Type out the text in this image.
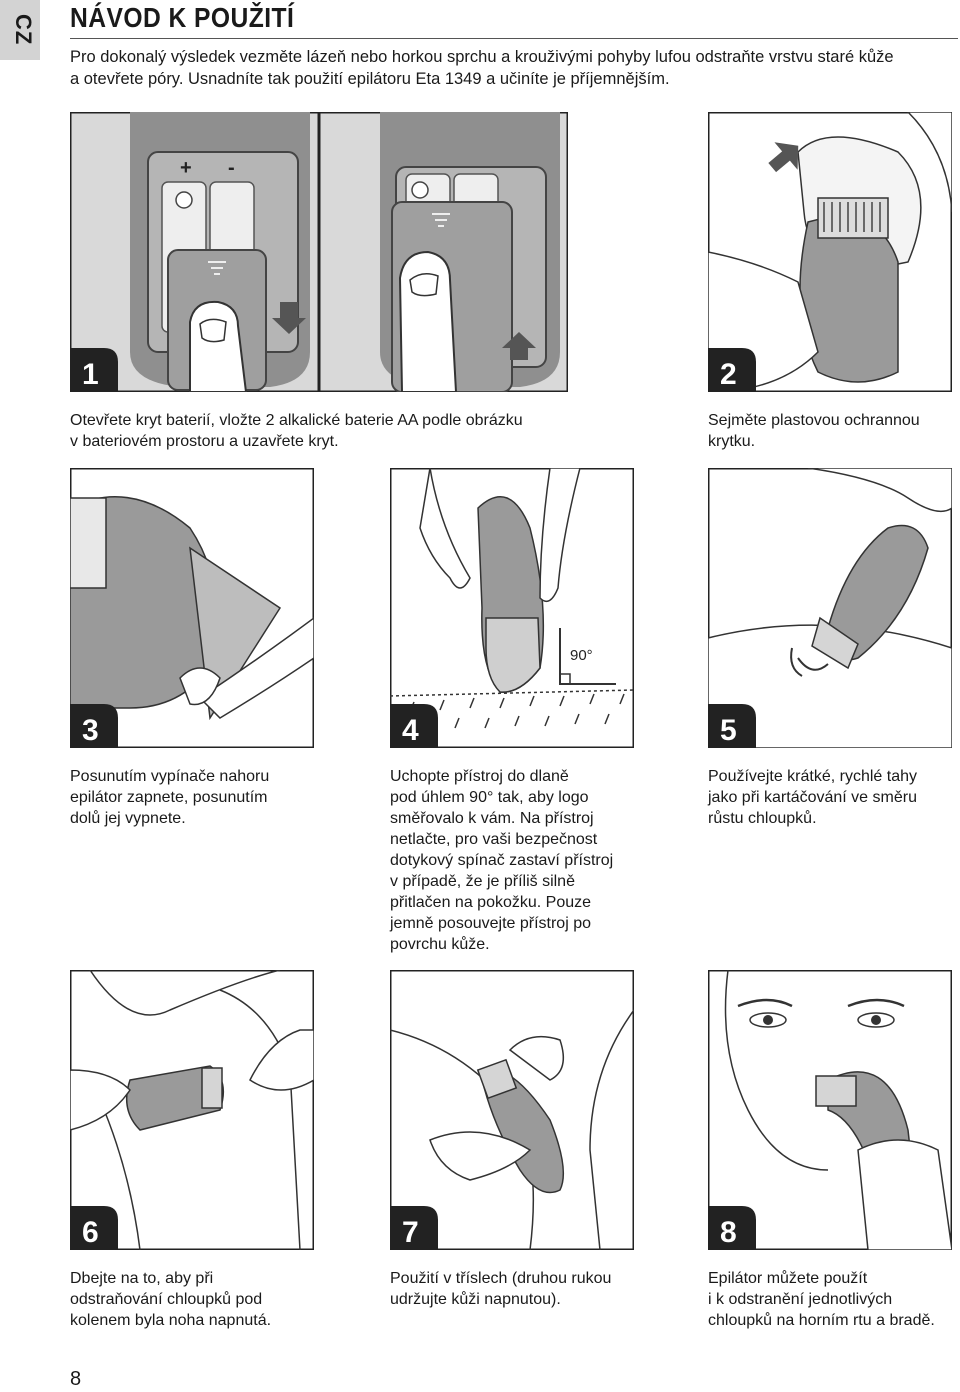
CZ NÁVOD K POUŽITÍ
Pro dokonalý výsledek vezměte lázeň nebo horkou sprchu a krouživými pohyby lufou odstraňte vrstvu staré kůže
a otevřete póry. Usnadníte tak použití epilátoru Eta 1349 a učiníte je příjemnějším.
+ -
1	2
Otevřete kryt baterií, vložte 2 alkalické baterie AA podle obrázku
v bateriovém prostoru a uzavřete kryt.
Sejměte plastovou ochrannou
krytku.
3
90°
4	5
Posunutím vypínače nahoru
epilátor zapnete, posunutím
dolů jej vypnete.
Uchopte přístroj do dlaně
pod úhlem 90° tak, aby logo
směřovalo k vám. Na přístroj
netlačte, pro vaši bezpečnost
dotykový spínač zastaví přístroj
v případě, že je příliš silně
přitlačen na pokožku. Pouze
jemně posouvejte přístroj po
povrchu kůže.
Používejte krátké, rychlé tahy
jako při kartáčování ve směru
růstu chloupků.
6	7	8
Dbejte na to, aby při
odstraňování chloupků pod
kolenem byla noha napnutá.
Použití v tříslech (druhou rukou
udržujte kůži napnutou).
Epilátor můžete použít
i k odstranění jednotlivých
chloupků na horním rtu a bradě.
8
